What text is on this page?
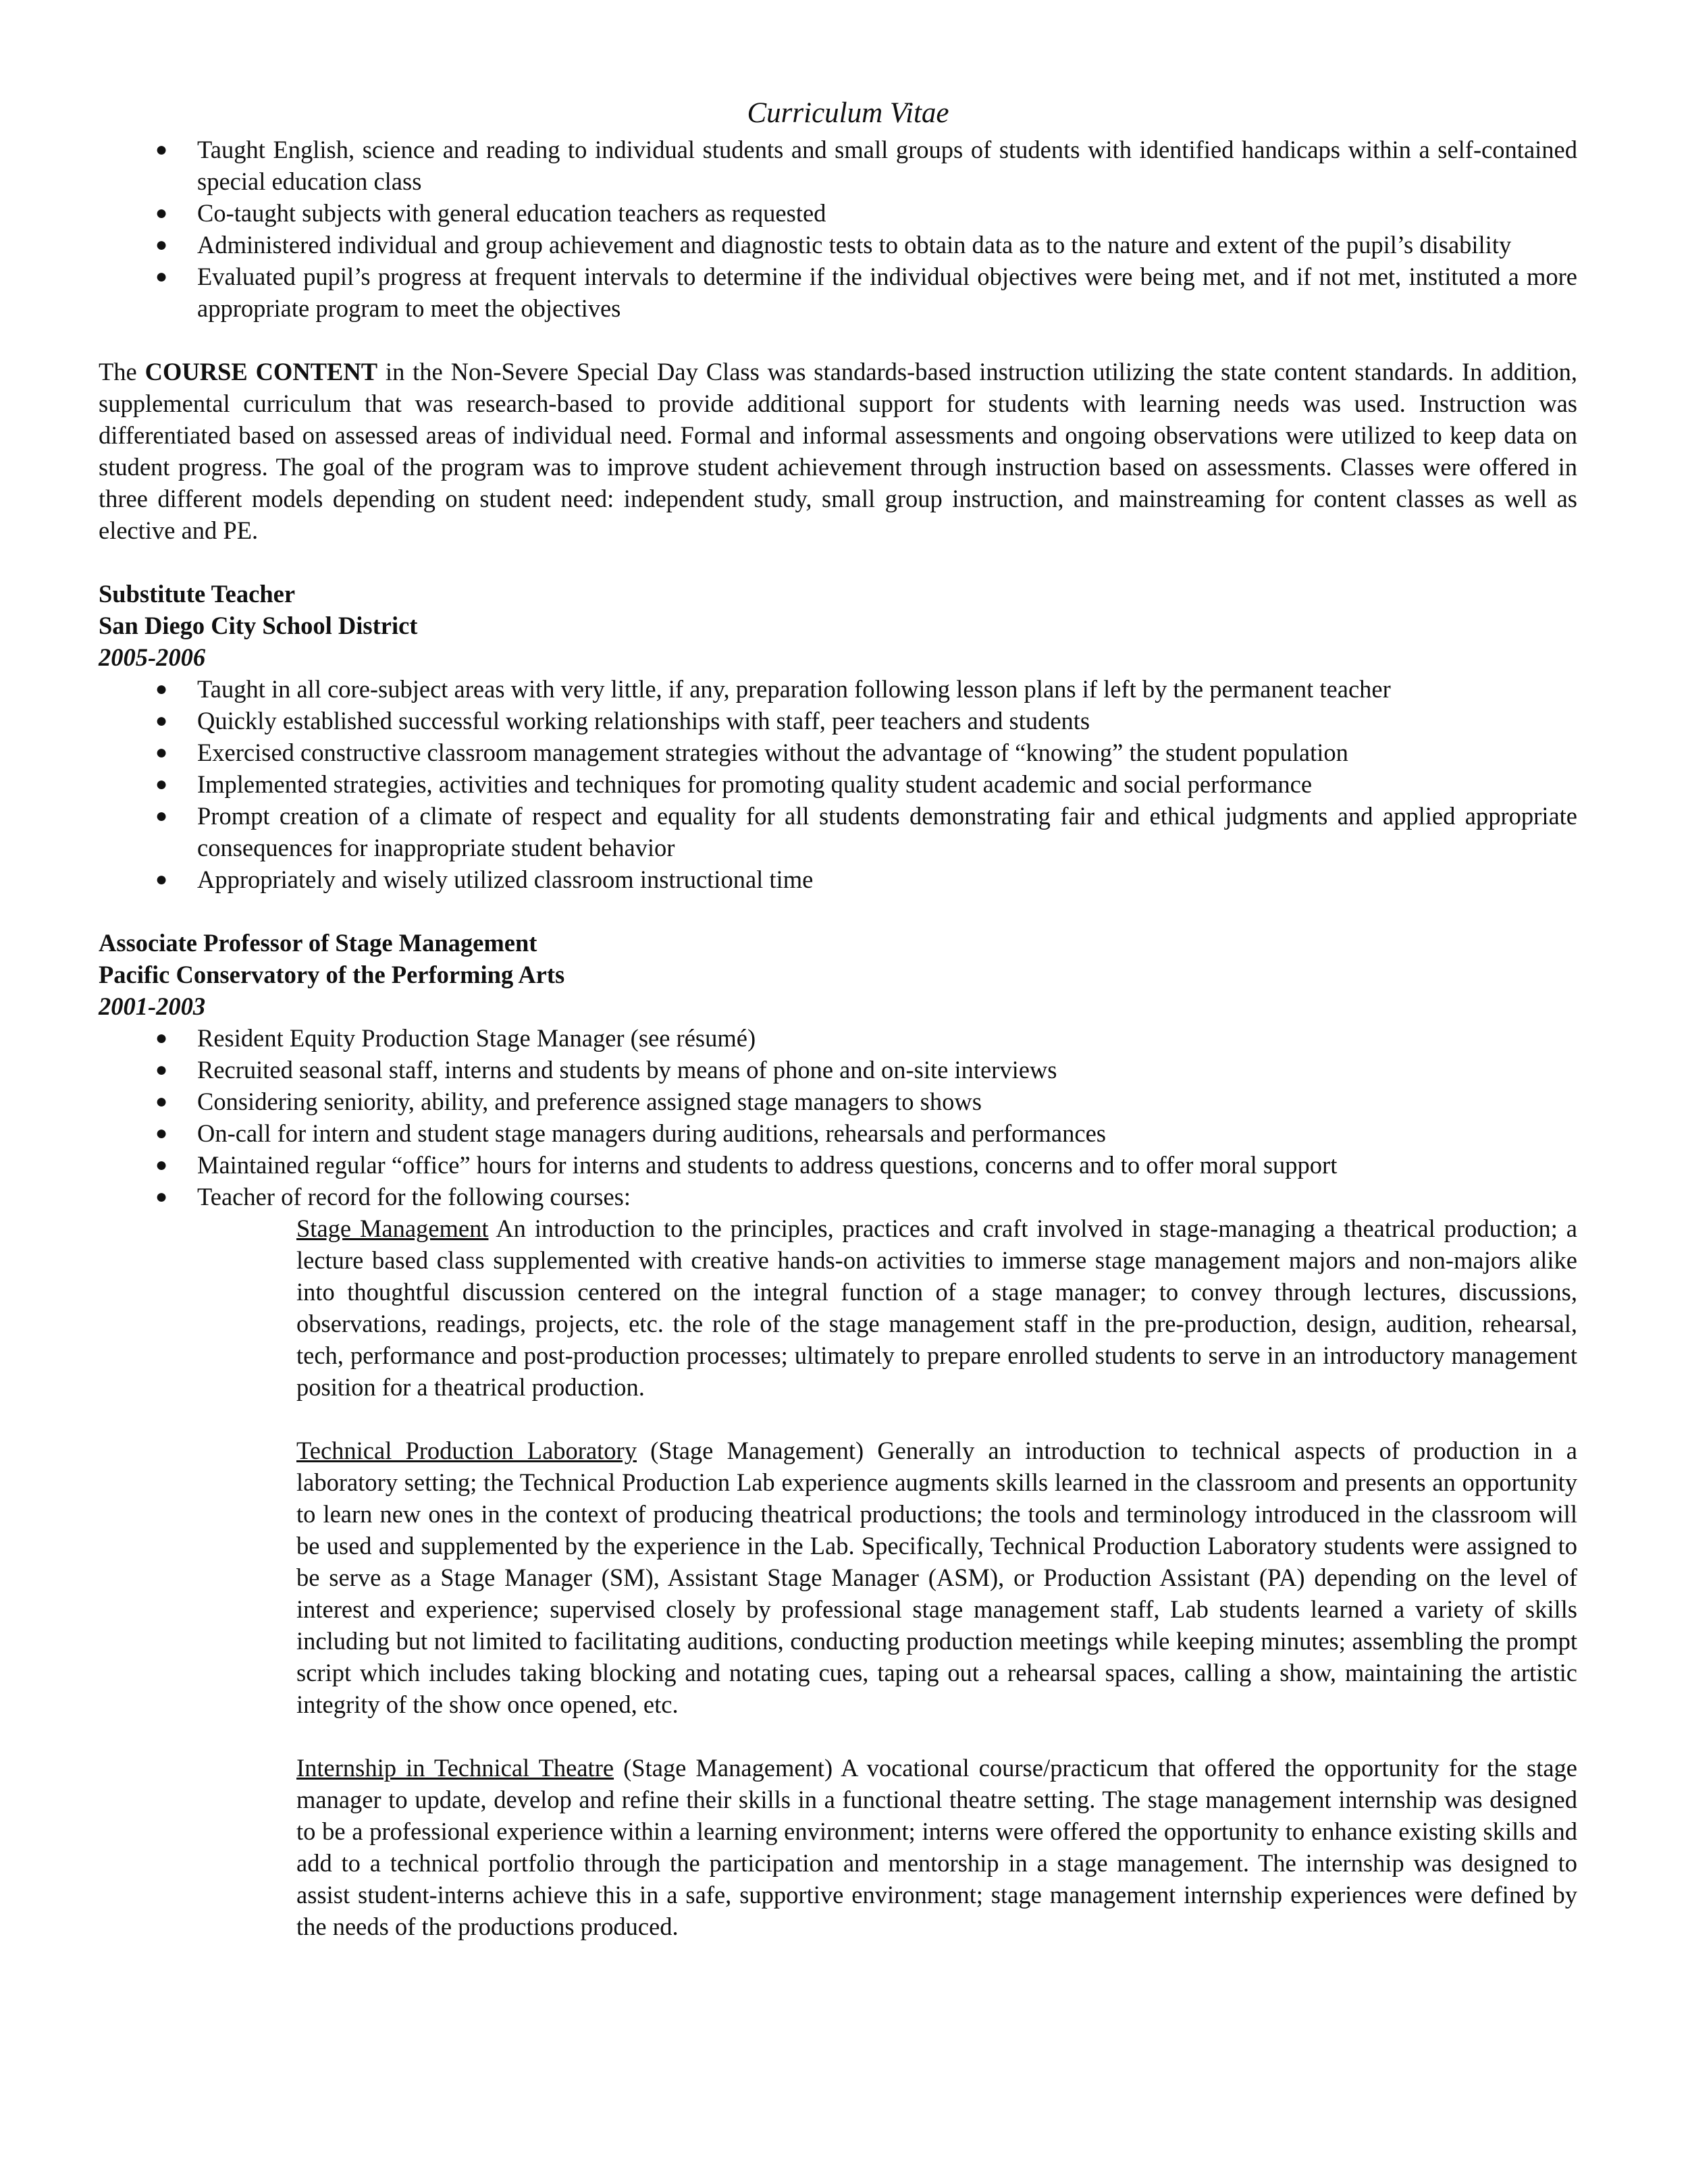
Curriculum Vitae
● Taught English, science and reading to individual students and small groups of students with identified handicaps within a self-contained special education class
● Co-taught subjects with general education teachers as requested
● Administered individual and group achievement and diagnostic tests to obtain data as to the nature and extent of the pupil’s disability
● Evaluated pupil’s progress at frequent intervals to determine if the individual objectives were being met, and if not met, instituted a more appropriate program to meet the objectives

The COURSE CONTENT in the Non-Severe Special Day Class was standards-based instruction utilizing the state content standards. In addition, supplemental curriculum that was research-based to provide additional support for students with learning needs was used. Instruction was differentiated based on assessed areas of individual need. Formal and informal assessments and ongoing observations were utilized to keep data on student progress. The goal of the program was to improve student achievement through instruction based on assessments. Classes were offered in three different models depending on student need: independent study, small group instruction, and mainstreaming for content classes as well as elective and PE.

Substitute Teacher

San Diego City School District

2005-2006

● Taught in all core-subject areas with very little, if any, preparation following lesson plans if left by the permanent teacher
● Quickly established successful working relationships with staff, peer teachers and students
● Exercised constructive classroom management strategies without the advantage of “knowing” the student population
● Implemented strategies, activities and techniques for promoting quality student academic and social performance
● Prompt creation of a climate of respect and equality for all students demonstrating fair and ethical judgments and applied appropriate consequences for inappropriate student behavior
● Appropriately and wisely utilized classroom instructional time

Associate Professor of Stage Management

Pacific Conservatory of the Performing Arts

2001-2003

● Resident Equity Production Stage Manager (see résumé)
● Recruited seasonal staff, interns and students by means of phone and on-site interviews
● Considering seniority, ability, and preference assigned stage managers to shows
● On-call for intern and student stage managers during auditions, rehearsals and performances
● Maintained regular “office” hours for interns and students to address questions, concerns and to offer moral support
● Teacher of record for the following courses:

Stage Management An introduction to the principles, practices and craft involved in stage-managing a theatrical production; a lecture based class supplemented with creative hands-on activities to immerse stage management majors and non-majors alike into thoughtful discussion centered on the integral function of a stage manager; to convey through lectures, discussions, observations, readings, projects, etc. the role of the stage management staff in the pre-production, design, audition, rehearsal, tech, performance and post-production processes; ultimately to prepare enrolled students to serve in an introductory management position for a theatrical production.

Technical Production Laboratory (Stage Management) Generally an introduction to technical aspects of production in a laboratory setting; the Technical Production Lab experience augments skills learned in the classroom and presents an opportunity to learn new ones in the context of producing theatrical productions; the tools and terminology introduced in the classroom will be used and supplemented by the experience in the Lab. Specifically, Technical Production Laboratory students were assigned to be serve as a Stage Manager (SM), Assistant Stage Manager (ASM), or Production Assistant (PA) depending on the level of interest and experience; supervised closely by professional stage management staff, Lab students learned a variety of skills including but not limited to facilitating auditions, conducting production meetings while keeping minutes; assembling the prompt script which includes taking blocking and notating cues, taping out a rehearsal spaces, calling a show, maintaining the artistic integrity of the show once opened, etc.

Internship in Technical Theatre (Stage Management) A vocational course/practicum that offered the opportunity for the stage manager to update, develop and refine their skills in a functional theatre setting. The stage management internship was designed to be a professional experience within a learning environment; interns were offered the opportunity to enhance existing skills and add to a technical portfolio through the participation and mentorship in a stage management. The internship was designed to assist student-interns achieve this in a safe, supportive environment; stage management internship experiences were defined by the needs of the productions produced.
